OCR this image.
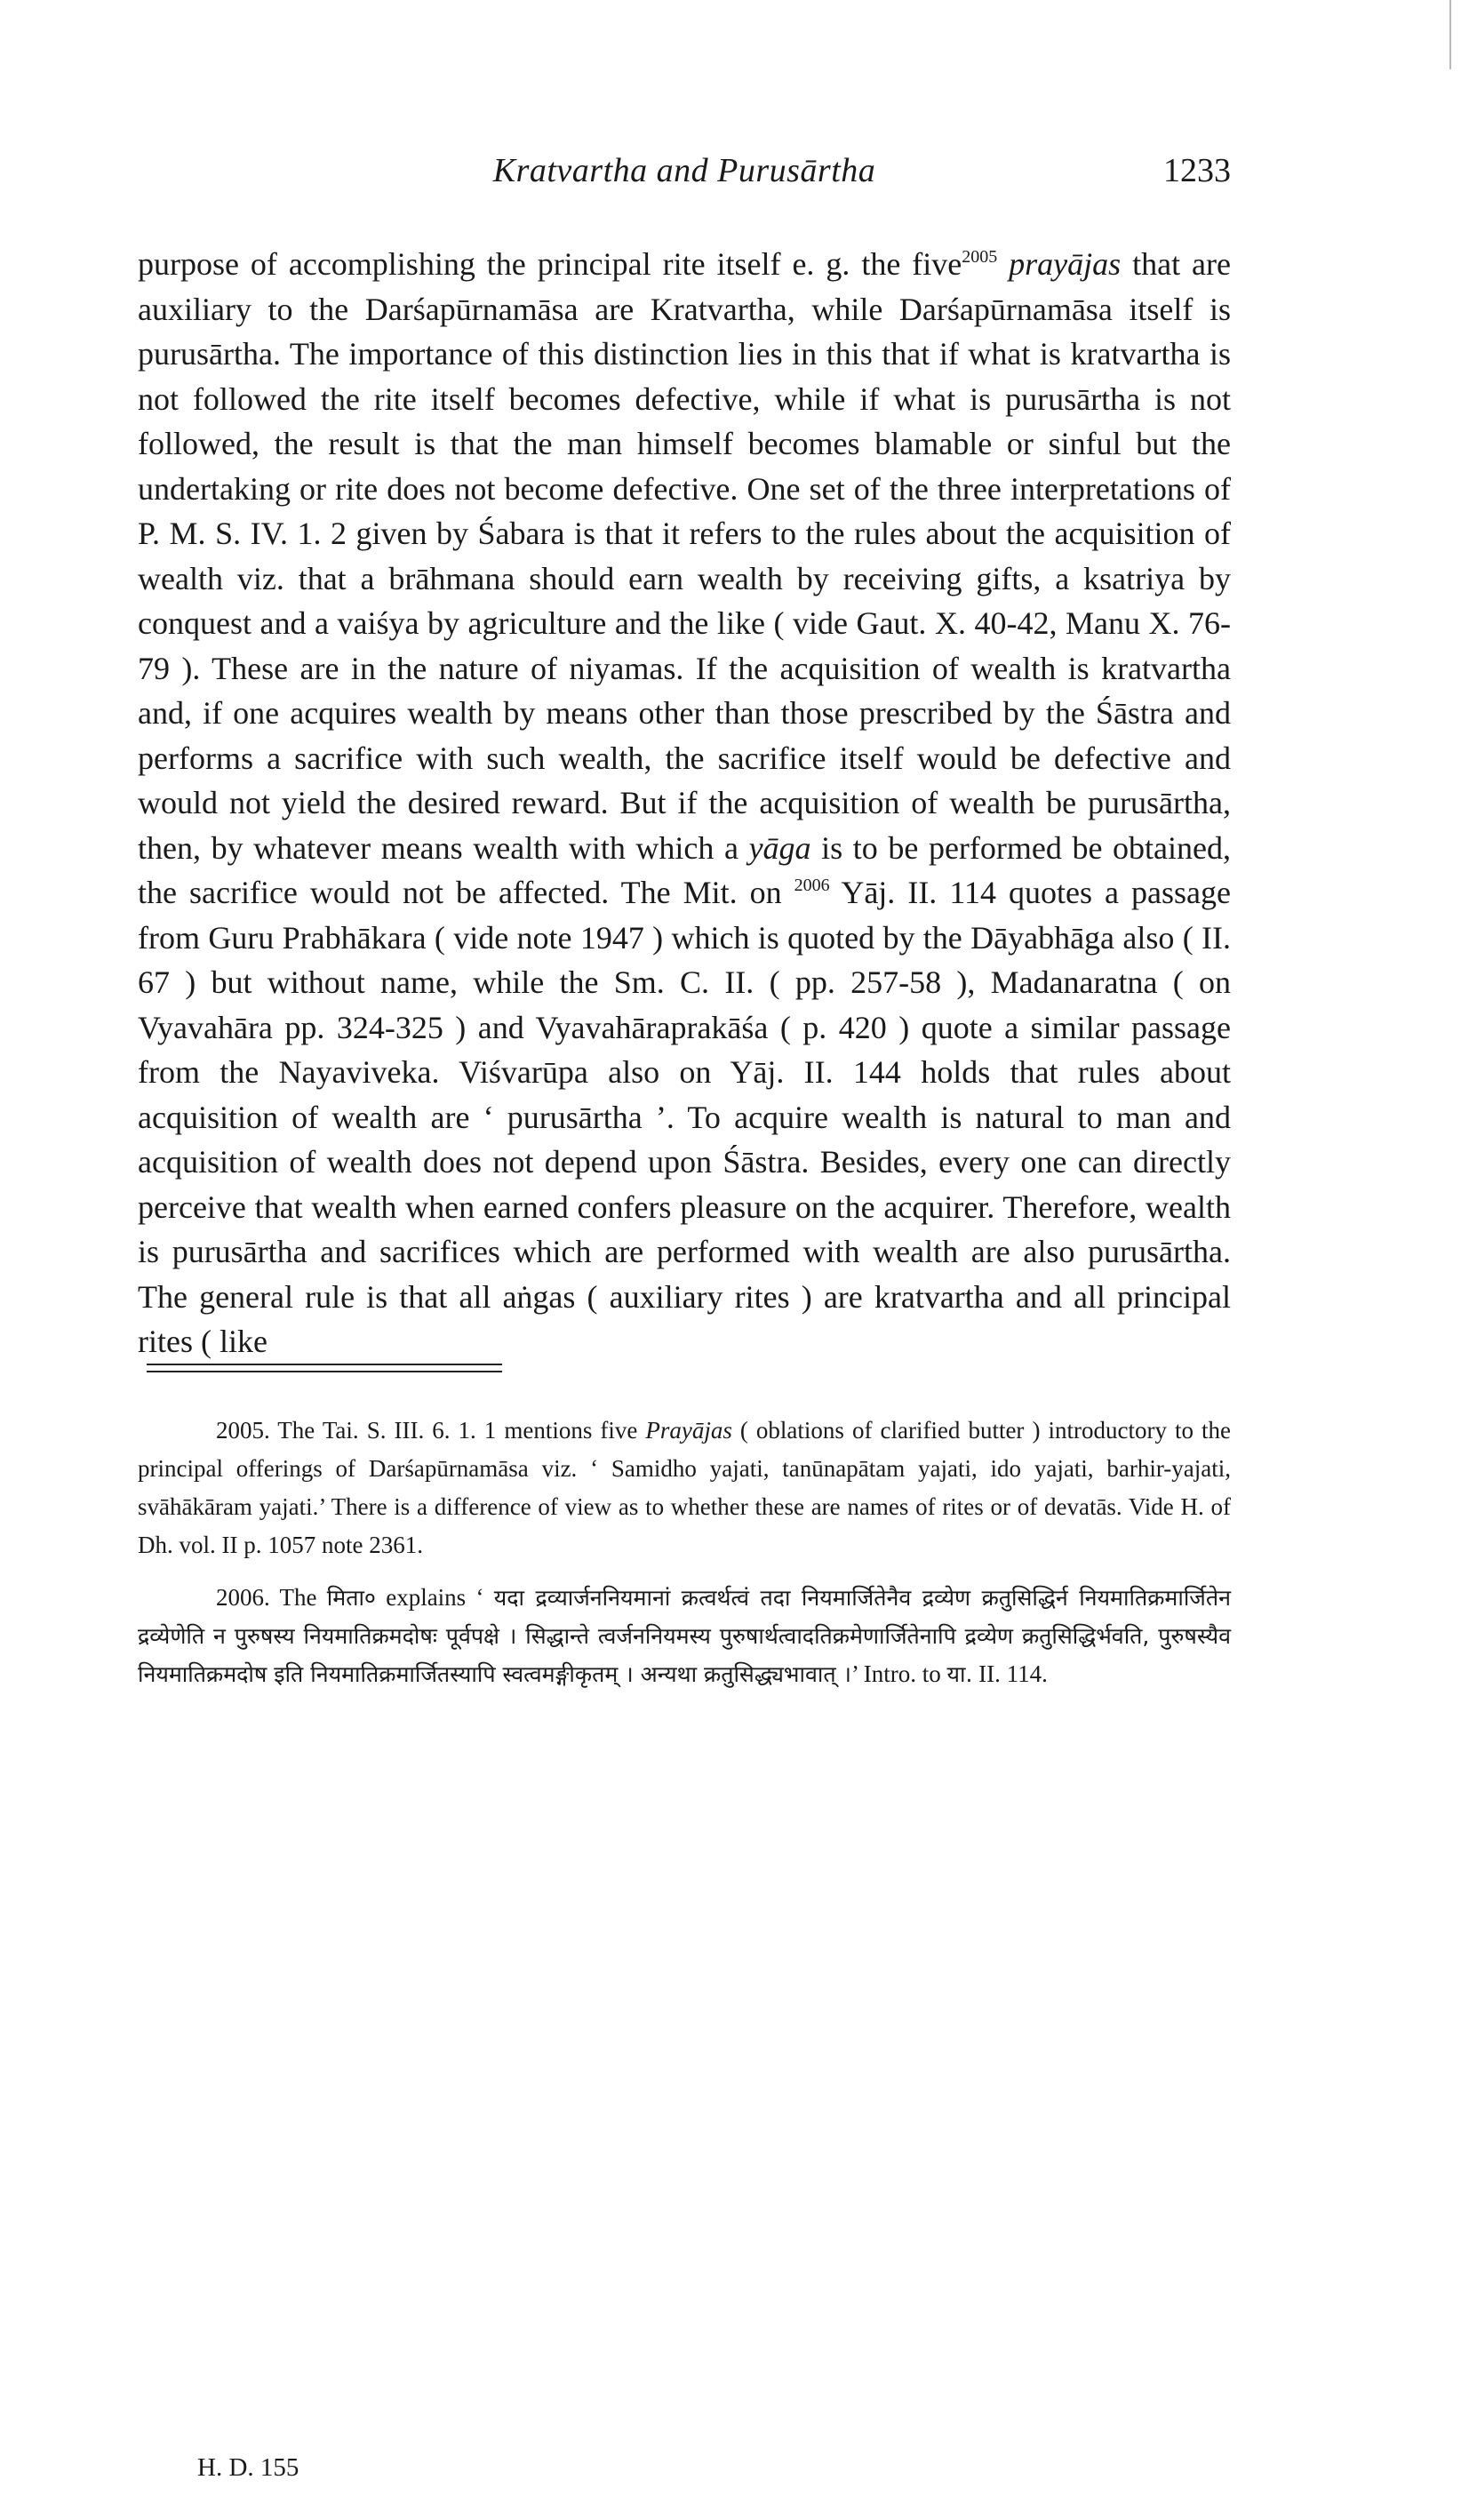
Kratvartha and Purusārtha	1233

purpose of accomplishing the principal rite itself e. g. the five$^{2005}$ prayājas that are auxiliary to the Darśapūrnamāsa are Kratvartha, while Darśapūrnamāsa itself is purusārtha. The importance of this distinction lies in this that if what is kratvartha is not followed the rite itself becomes defective, while if what is purusārtha is not followed, the result is that the man himself becomes blamable or sinful but the undertaking or rite does not become defective. One set of the three interpretations of P. M. S. IV. 1. 2 given by Śabara is that it refers to the rules about the acquisition of wealth viz. that a brāhmana should earn wealth by receiving gifts, a ksatriya by conquest and a vaiśya by agriculture and the like ( vide Gaut. X. 40-42, Manu X. 76-79 ). These are in the nature of niyamas. If the acquisition of wealth is kratvartha and, if one acquires wealth by means other than those prescribed by the Śāstra and performs a sacrifice with such wealth, the sacrifice itself would be defective and would not yield the desired reward. But if the acquisition of wealth be purusārtha, then, by whatever means wealth with which a yāga is to be performed be obtained, the sacrifice would not be affected. The Mit. on $^{2006}$ Yāj. II. 114 quotes a passage from Guru Prabhākara ( vide note 1947 ) which is quoted by the Dāyabhāga also ( II. 67 ) but without name, while the Sm. C. II. ( pp. 257-58 ), Madanaratna ( on Vyavahāra pp. 324-325 ) and Vyavahāraprakāśa ( p. 420 ) quote a similar passage from the Nayaviveka. Viśvarūpa also on Yāj. II. 144 holds that rules about acquisition of wealth are ‘ purusārtha ’. To acquire wealth is natural to man and acquisition of wealth does not depend upon Śāstra. Besides, every one can directly perceive that wealth when earned confers pleasure on the acquirer. Therefore, wealth is purusārtha and sacrifices which are performed with wealth are also purusārtha. The general rule is that all aṅgas ( auxiliary rites ) are kratvartha and all principal rites ( like

2005. The Tai. S. III. 6. 1. 1 mentions five Prayājas ( oblations of clarified butter ) introductory to the principal offerings of Darśapūrnamāsa viz. ‘ Samidho yajati, tanūnapātam yajati, ido yajati, barhir-yajati, svāhākāram yajati.’ There is a difference of view as to whether these are names of rites or of devatās. Vide H. of Dh. vol. II p. 1057 note 2361.

2006. The मिता० explains ‘ यदा द्रव्यार्जननियमानां क्रत्वर्थत्वं तदा नियमार्जितेनैव द्रव्येण क्रतुसिद्धिर्न नियमातिक्रमार्जितेन द्रव्येणेति न पुरुषस्य नियमातिक्रमदोषः पूर्वपक्षे । सिद्धान्ते त्वर्जननियमस्य पुरुषार्थत्वादतिक्रमेणार्जितेनापि द्रव्येण क्रतुसिद्धिर्भवति, पुरुषस्यैव नियमातिक्रमदोष इति नियमातिक्रमार्जितस्यापि स्वत्वमङ्गीकृतम् । अन्यथा क्रतुसिद्ध्यभावात् ।’ Intro. to या. II. 114.

H. D. 155
